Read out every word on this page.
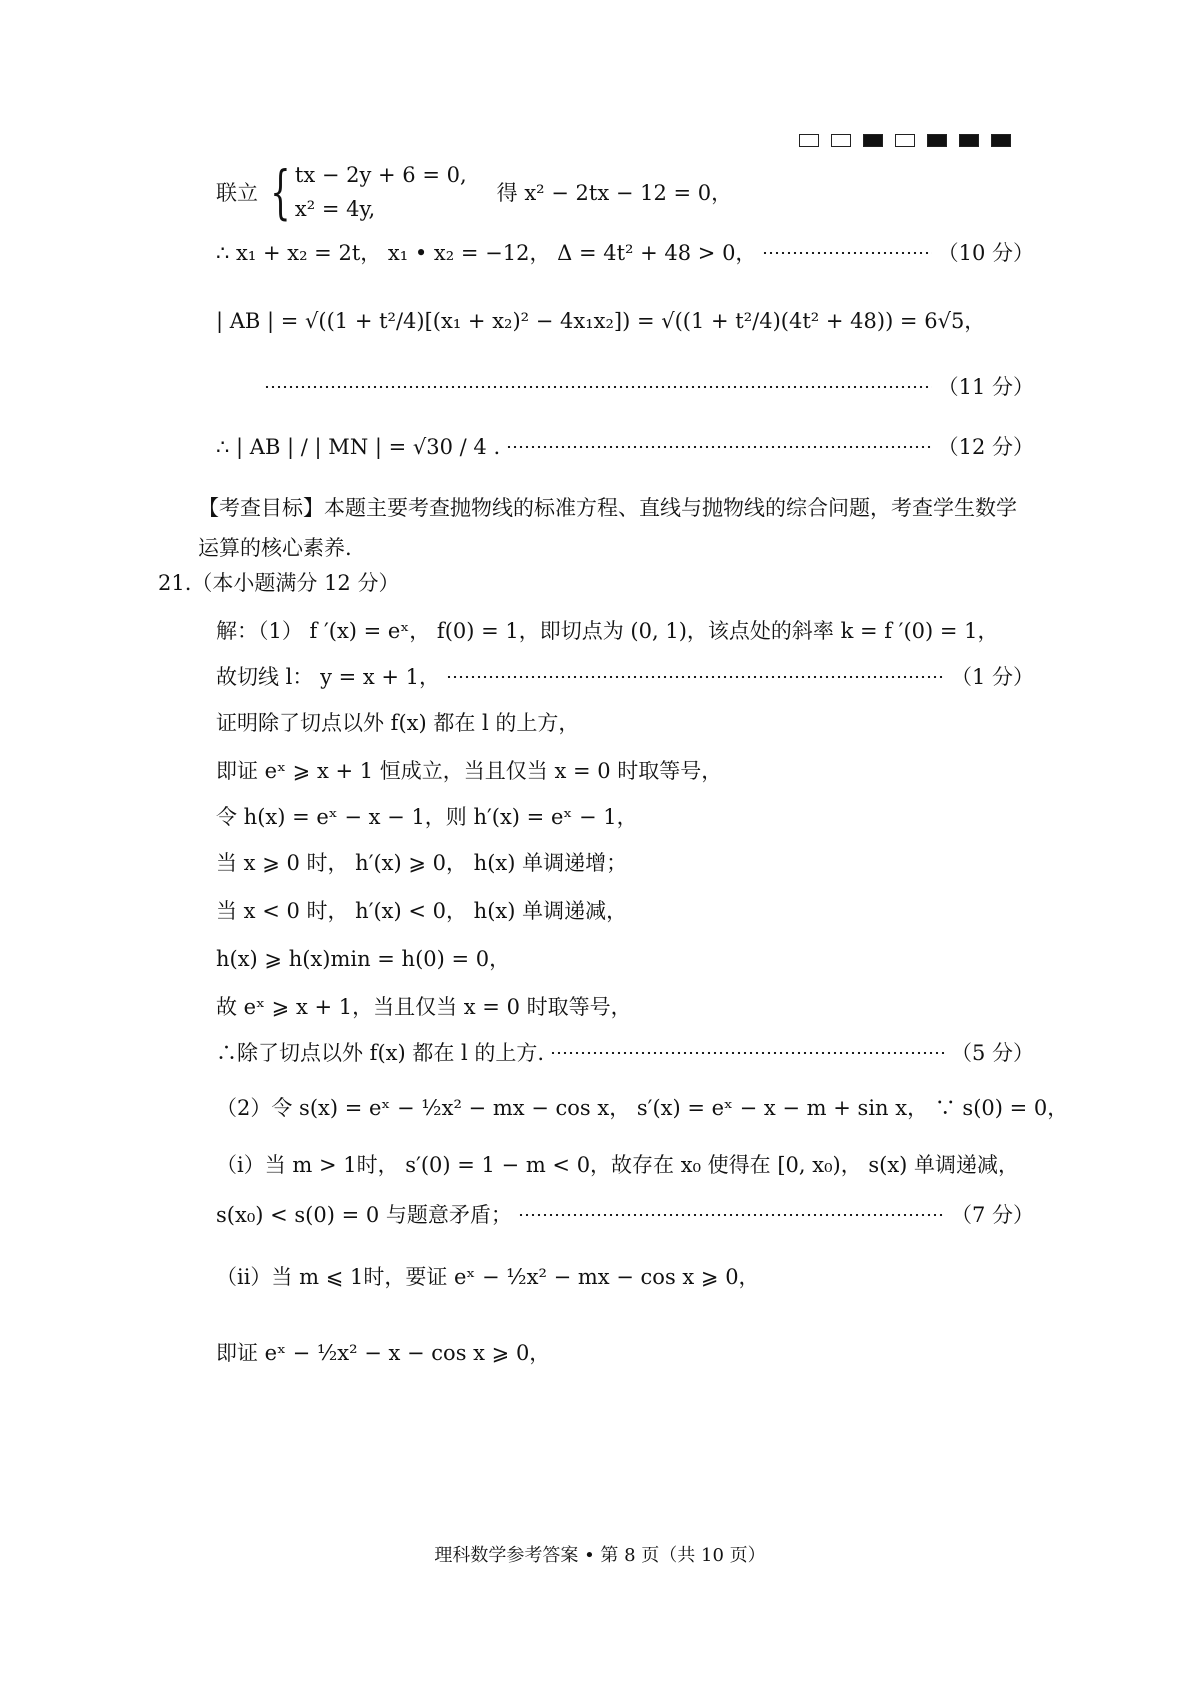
联立 { tx − 2y + 6 = 0,
x² = 4y,
得 x² − 2tx − 12 = 0，
∴ x₁ + x₂ = 2t， x₁ • x₂ = −12， Δ = 4t² + 48 > 0，	（10 分）
| AB | = √((1 + t²/4)[(x₁ + x₂)² − 4x₁x₂]) = √((1 + t²/4)(4t² + 48)) = 6√5，
（11 分）
∴ | AB | / | MN | = √30 / 4 .	（12 分）
【考查目标】本题主要考查抛物线的标准方程、直线与抛物线的综合问题，考查学生数学运算的核心素养.
21.（本小题满分 12 分）
解：（1） f ′(x) = eˣ， f(0) = 1，即切点为 (0, 1)，该点处的斜率 k = f ′(0) = 1，
故切线 l： y = x + 1，	（1 分）
证明除了切点以外 f(x) 都在 l 的上方，
即证 eˣ ⩾ x + 1 恒成立，当且仅当 x = 0 时取等号，
令 h(x) = eˣ − x − 1，则 h′(x) = eˣ − 1，
当 x ⩾ 0 时， h′(x) ⩾ 0， h(x) 单调递增；
当 x < 0 时， h′(x) < 0， h(x) 单调递减，
h(x) ⩾ h(x)min = h(0) = 0，
故 eˣ ⩾ x + 1，当且仅当 x = 0 时取等号，
∴除了切点以外 f(x) 都在 l 的上方.	（5 分）
（2）令 s(x) = eˣ − ½x² − mx − cos x， s′(x) = eˣ − x − m + sin x， ∵ s(0) = 0，
（i）当 m > 1时， s′(0) = 1 − m < 0，故存在 x₀ 使得在 [0, x₀)， s(x) 单调递减，
s(x₀) < s(0) = 0 与题意矛盾；	（7 分）
（ii）当 m ⩽ 1时，要证 eˣ − ½x² − mx − cos x ⩾ 0，
即证 eˣ − ½x² − x − cos x ⩾ 0，
理科数学参考答案 • 第 8 页（共 10 页）
